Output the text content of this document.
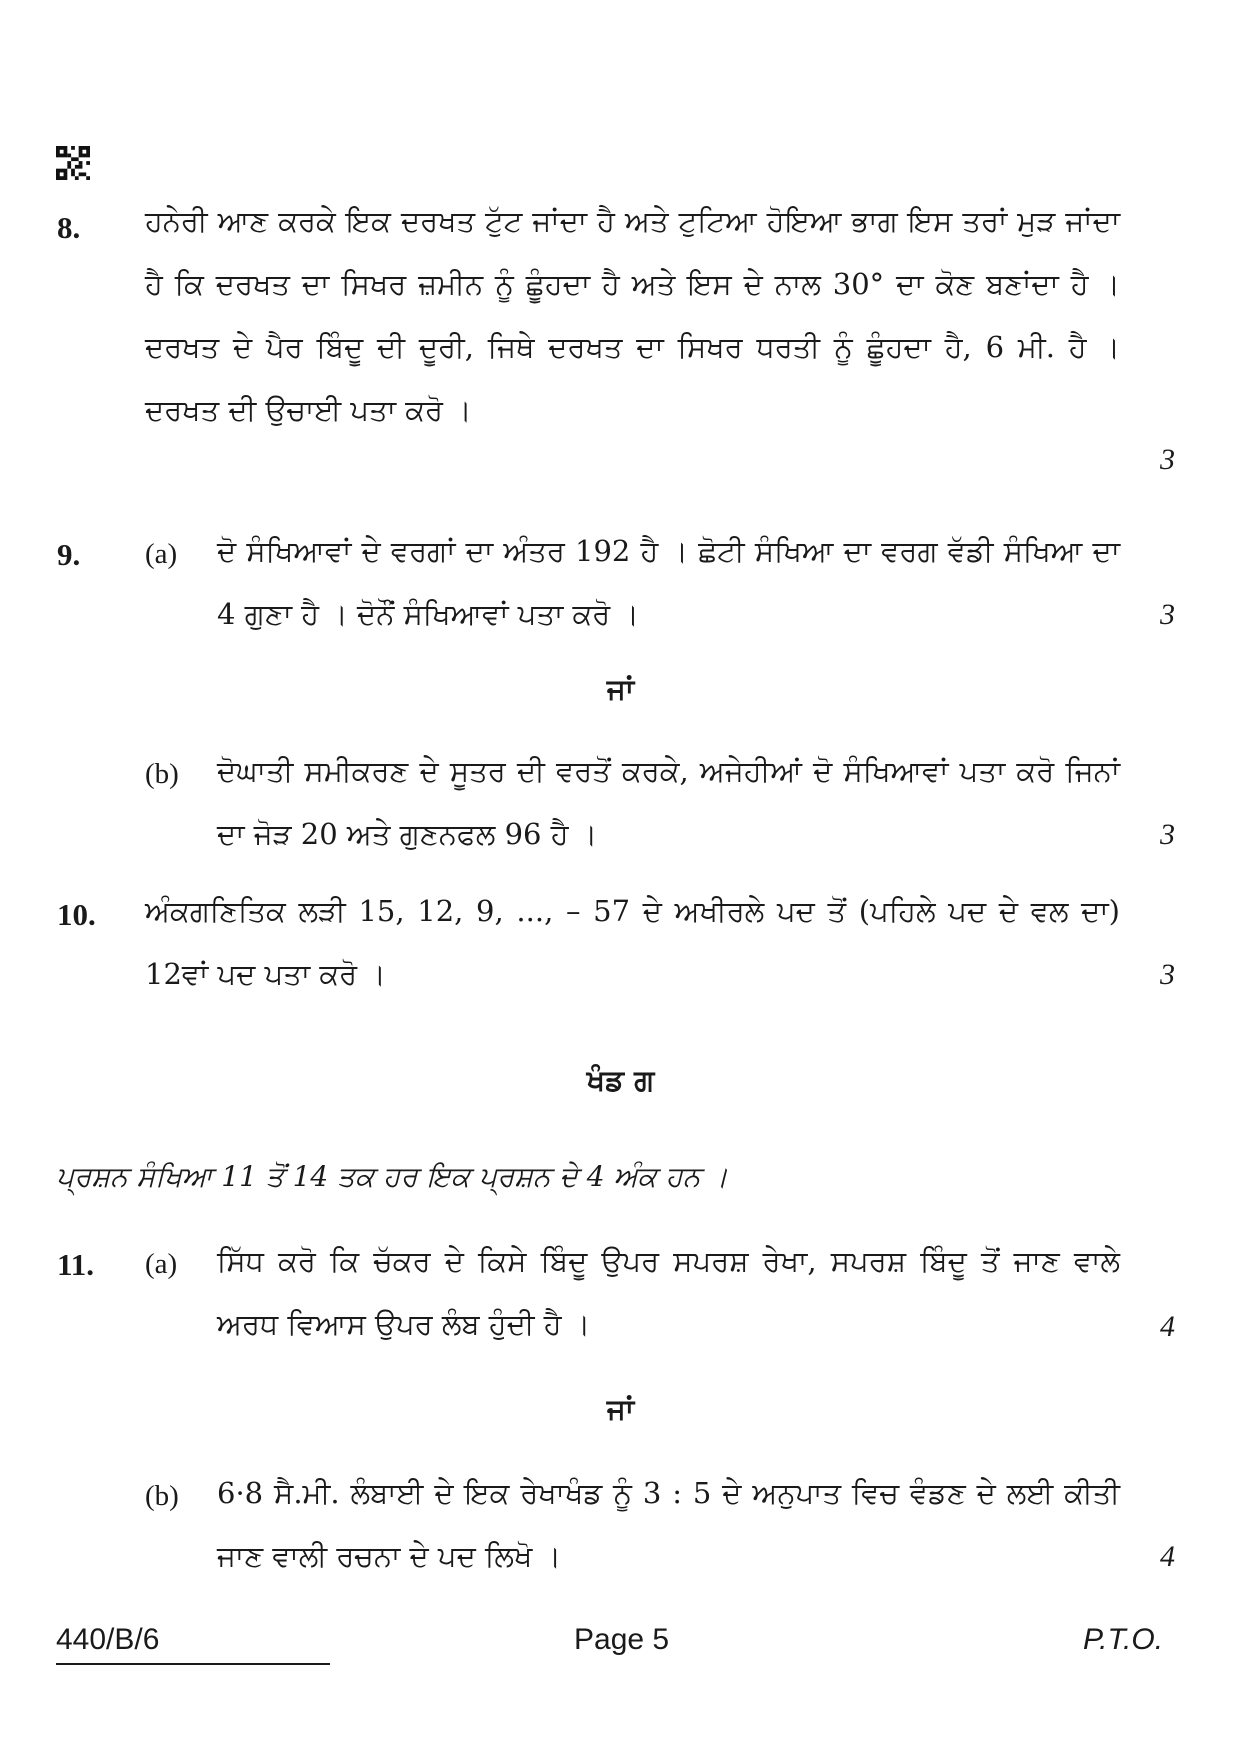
8. ਹਨੇਰੀ ਆਣ ਕਰਕੇ ਇਕ ਦਰਖਤ ਟੁੱਟ ਜਾਂਦਾ ਹੈ ਅਤੇ ਟੁਟਿਆ ਹੋਇਆ ਭਾਗ ਇਸ ਤਰਾਂ ਮੁੜ ਜਾਂਦਾ ਹੈ ਕਿ ਦਰਖਤ ਦਾ ਸਿਖਰ ਜ਼ਮੀਨ ਨੂੰ ਛੂੰਹਦਾ ਹੈ ਅਤੇ ਇਸ ਦੇ ਨਾਲ 30° ਦਾ ਕੋਣ ਬਣਾਂਦਾ ਹੈ । ਦਰਖਤ ਦੇ ਪੈਰ ਬਿੰਦੂ ਦੀ ਦੂਰੀ, ਜਿਥੇ ਦਰਖਤ ਦਾ ਸਿਖਰ ਧਰਤੀ ਨੂੰ ਛੂੰਹਦਾ ਹੈ, 6 ਮੀ. ਹੈ । ਦਰਖਤ ਦੀ ਉਚਾਈ ਪਤਾ ਕਰੋ ।
3
9. (a) ਦੋ ਸੰਖਿਆਵਾਂ ਦੇ ਵਰਗਾਂ ਦਾ ਅੰਤਰ 192 ਹੈ । ਛੋਟੀ ਸੰਖਿਆ ਦਾ ਵਰਗ ਵੱਡੀ ਸੰਖਿਆ ਦਾ 4 ਗੁਣਾ ਹੈ । ਦੋਨੌਂ ਸੰਖਿਆਵਾਂ ਪਤਾ ਕਰੋ ।	3
ਜਾਂ
(b) ਦੋਘਾਤੀ ਸਮੀਕਰਣ ਦੇ ਸੂਤਰ ਦੀ ਵਰਤੋਂ ਕਰਕੇ, ਅਜੇਹੀਆਂ ਦੋ ਸੰਖਿਆਵਾਂ ਪਤਾ ਕਰੋ ਜਿਨਾਂ ਦਾ ਜੋੜ 20 ਅਤੇ ਗੁਣਨਫਲ 96 ਹੈ ।	3
10. ਅੰਕਗਣਿਤਿਕ ਲੜੀ 15, 12, 9, ..., – 57 ਦੇ ਅਖੀਰਲੇ ਪਦ ਤੋਂ (ਪਹਿਲੇ ਪਦ ਦੇ ਵਲ ਦਾ) 12ਵਾਂ ਪਦ ਪਤਾ ਕਰੋ ।	3
ਖੰਡ ਗ
ਪ੍ਰਸ਼ਨ ਸੰਖਿਆ 11 ਤੋਂ 14 ਤਕ ਹਰ ਇਕ ਪ੍ਰਸ਼ਨ ਦੇ 4 ਅੰਕ ਹਨ ।
11. (a) ਸਿੱਧ ਕਰੋ ਕਿ ਚੱਕਰ ਦੇ ਕਿਸੇ ਬਿੰਦੂ ਉਪਰ ਸਪਰਸ਼ ਰੇਖਾ, ਸਪਰਸ਼ ਬਿੰਦੂ ਤੋਂ ਜਾਣ ਵਾਲੇ ਅਰਧ ਵਿਆਸ ਉਪਰ ਲੰਬ ਹੁੰਦੀ ਹੈ ।	4
ਜਾਂ
(b) 6·8 ਸੈ.ਮੀ. ਲੰਬਾਈ ਦੇ ਇਕ ਰੇਖਾਖੰਡ ਨੂੰ 3 : 5 ਦੇ ਅਨੁਪਾਤ ਵਿਚ ਵੰਡਣ ਦੇ ਲਈ ਕੀਤੀ ਜਾਣ ਵਾਲੀ ਰਚਨਾ ਦੇ ਪਦ ਲਿਖੋ ।	4
440/B/6	Page 5	P.T.O.
